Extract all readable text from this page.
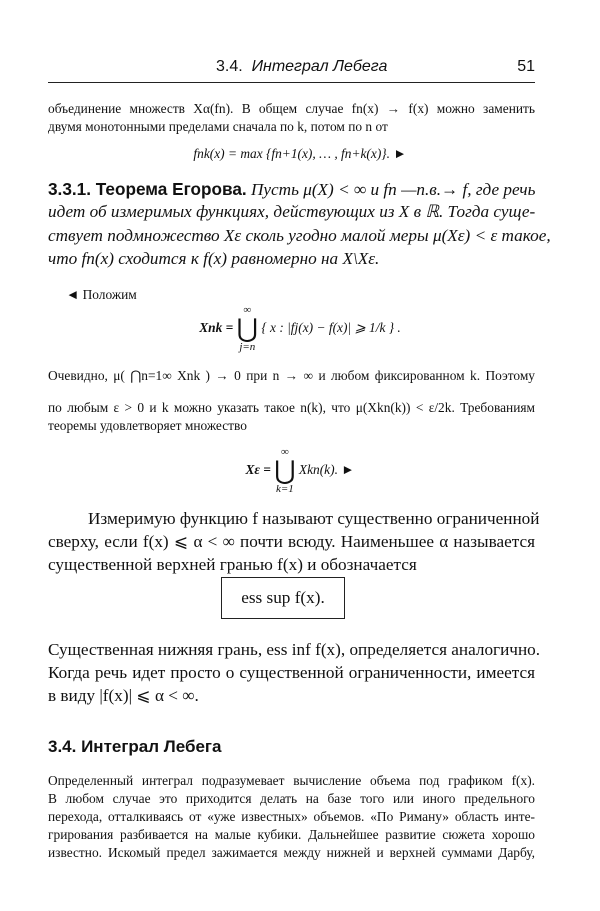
3.4. Интеграл Лебега	51
объединение множеств Xα(fn). В общем случае fn(x) → f(x) можно заменить
двумя монотонными пределами сначала по k, потом по n от
fnk(x) = max {fn+1(x), … , fn+k(x)}. ►
3.3.1. Теорема Егорова. Пусть μ(X) < ∞ и fn —п.в.→ f, где речь
идет об измеримых функциях, действующих из X в ℝ. Тогда суще-
ствует подмножество Xε сколь угодно малой меры μ(Xε) < ε такое,
что fn(x) сходится к f(x) равномерно на X\Xε.
◄ Положим
Xnk =
∞
⋃
j=n
{ x : |fj(x) − f(x)| ⩾ 1/k } .
Очевидно, μ( ⋂n=1∞ Xnk ) → 0 при n → ∞ и любом фиксированном k. Поэтому
по любым ε > 0 и k можно указать такое n(k), что μ(Xkn(k)) < ε/2k. Требованиям
теоремы удовлетворяет множество
Xε =
∞
⋃
k=1
Xkn(k). ►
Измеримую функцию f называют существенно ограниченной
сверху, если f(x) ⩽ α < ∞ почти всюду. Наименьшее α называется
существенной верхней гранью f(x) и обозначается
ess sup f(x).
Существенная нижняя грань, ess inf f(x), определяется аналогично.
Когда речь идет просто о существенной ограниченности, имеется
в виду |f(x)| ⩽ α < ∞.
3.4. Интеграл Лебега
Определенный интеграл подразумевает вычисление объема под графиком f(x).
В любом случае это приходится делать на базе того или иного предельного
перехода, отталкиваясь от «уже известных» объемов. «По Риману» область инте-
грирования разбивается на малые кубики. Дальнейшее развитие сюжета хорошо
известно. Искомый предел зажимается между нижней и верхней суммами Дарбу,
